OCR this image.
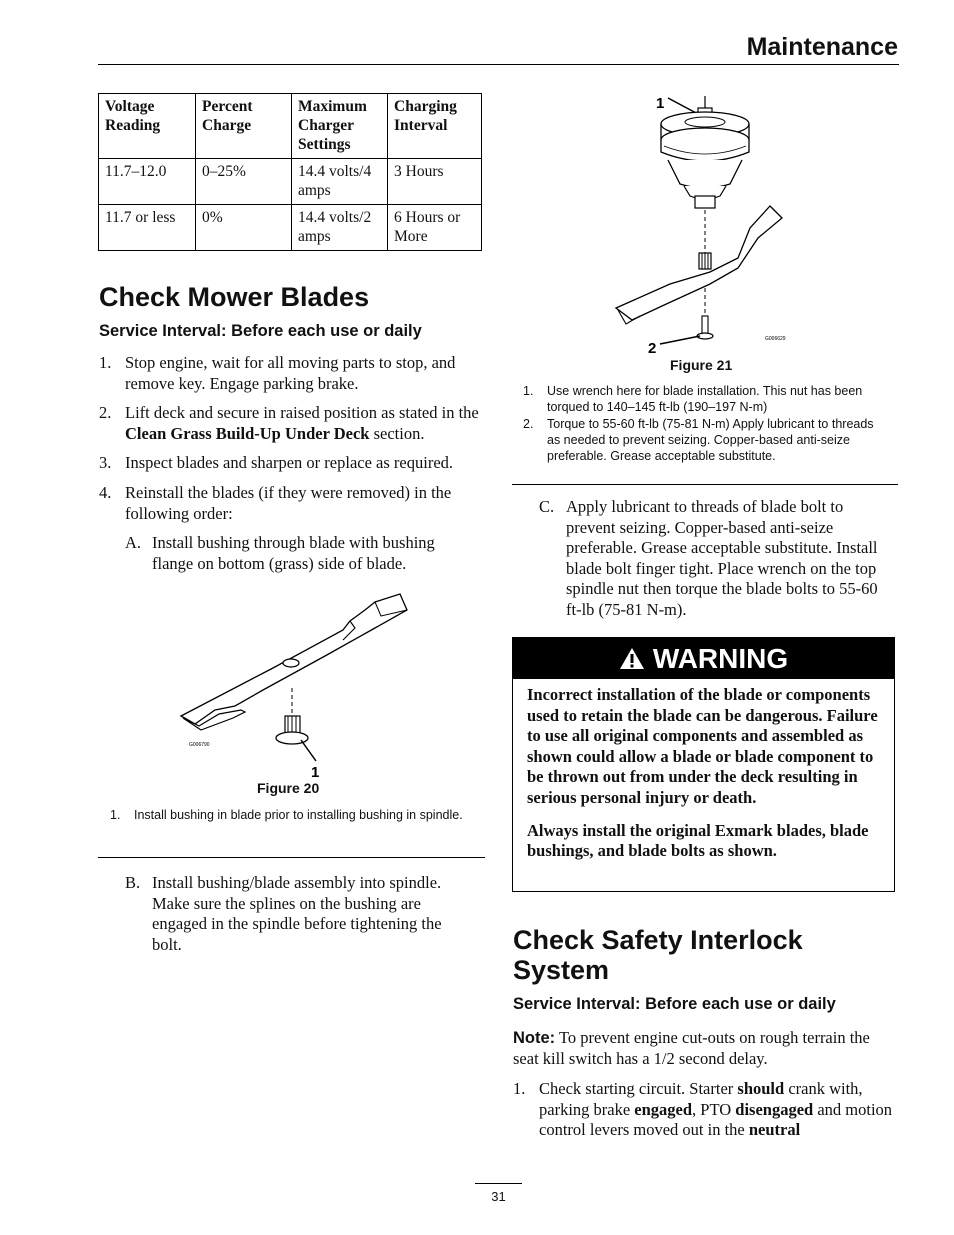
Maintenance
Voltage Reading	Percent Charge	Maximum Charger Settings	Charging Interval
11.7–12.0	0–25%	14.4 volts/4 amps	3 Hours
11.7 or less	0%	14.4 volts/2 amps	6 Hours or More
Check Mower Blades
Service Interval: Before each use or daily
1. Stop engine, wait for all moving parts to stop, and remove key. Engage parking brake.
2. Lift deck and secure in raised position as stated in the Clean Grass Build-Up Under Deck section.
3. Inspect blades and sharpen or replace as required.
4. Reinstall the blades (if they were removed) in the following order:
A. Install bushing through blade with bushing flange on bottom (grass) side of blade.
G006790
1
Figure 20
1. Install bushing in blade prior to installing bushing in spindle.
B. Install bushing/blade assembly into spindle. Make sure the splines on the bushing are engaged in the spindle before tightening the bolt.
G006629
1
2
Figure 21
1. Use wrench here for blade installation. This nut has been torqued to 140–145 ft-lb (190–197 N-m)
2. Torque to 55-60 ft-lb (75-81 N-m) Apply lubricant to threads as needed to prevent seizing. Copper-based anti-seize preferable. Grease acceptable substitute.
C. Apply lubricant to threads of blade bolt to prevent seizing. Copper-based anti-seize preferable. Grease acceptable substitute. Install blade bolt finger tight. Place wrench on the top spindle nut then torque the blade bolts to 55-60 ft-lb (75-81 N-m).
WARNING

Incorrect installation of the blade or components used to retain the blade can be dangerous. Failure to use all original components and assembled as shown could allow a blade or blade component to be thrown out from under the deck resulting in serious personal injury or death.

Always install the original Exmark blades, blade bushings, and blade bolts as shown.

Check Safety Interlock System
Service Interval: Before each use or daily
Note: To prevent engine cut-outs on rough terrain the seat kill switch has a 1/2 second delay.
1. Check starting circuit. Starter should crank with, parking brake engaged, PTO disengaged and motion control levers moved out in the neutral
31
